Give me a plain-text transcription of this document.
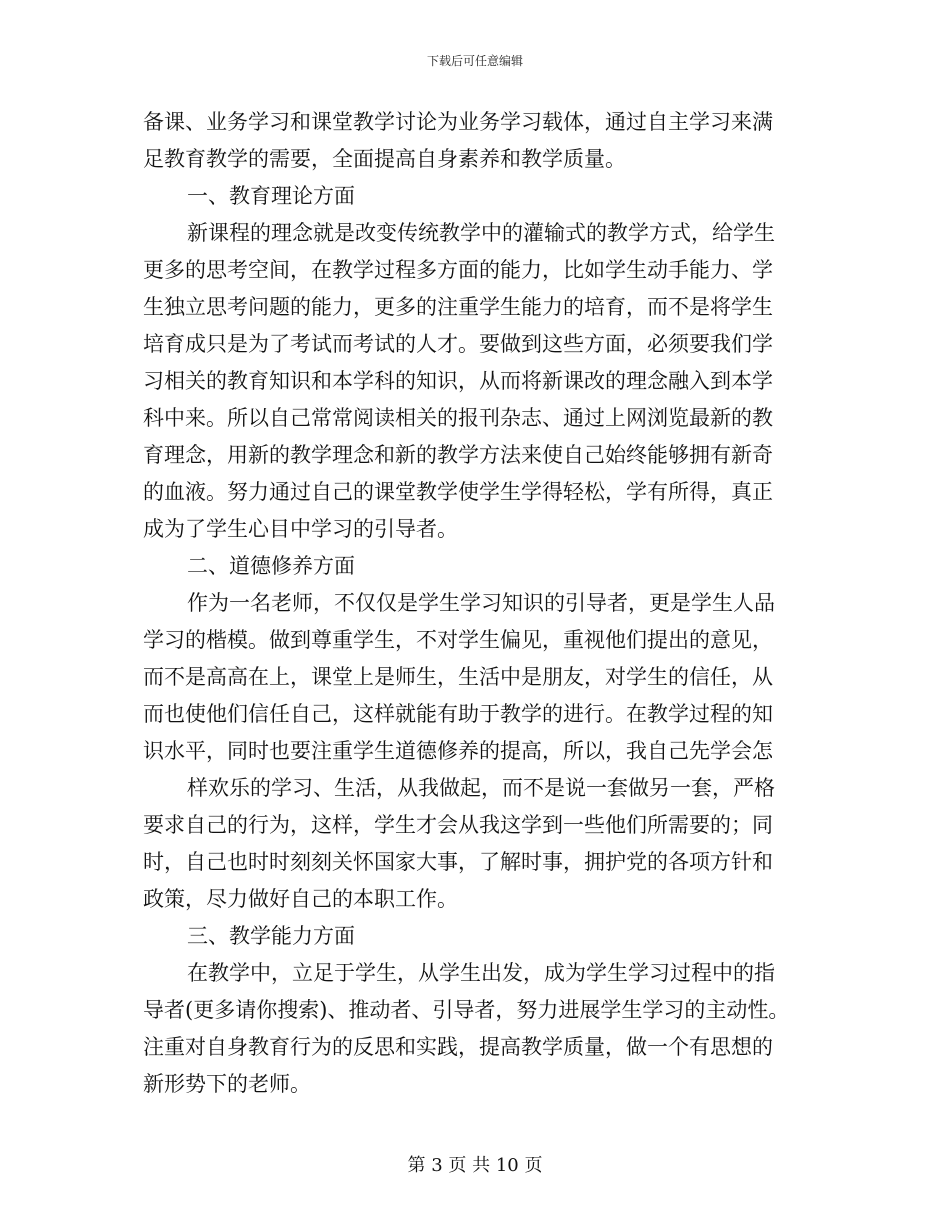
下载后可任意编辑
备课、业务学习和课堂教学讨论为业务学习载体，通过自主学习来满
足教育教学的需要，全面提高自身素养和教学质量。
一、教育理论方面
新课程的理念就是改变传统教学中的灌输式的教学方式，给学生
更多的思考空间，在教学过程多方面的能力，比如学生动手能力、学
生独立思考问题的能力，更多的注重学生能力的培育，而不是将学生
培育成只是为了考试而考试的人才。要做到这些方面，必须要我们学
习相关的教育知识和本学科的知识，从而将新课改的理念融入到本学
科中来。所以自己常常阅读相关的报刊杂志、通过上网浏览最新的教
育理念，用新的教学理念和新的教学方法来使自己始终能够拥有新奇
的血液。努力通过自己的课堂教学使学生学得轻松，学有所得，真正
成为了学生心目中学习的引导者。
二、道德修养方面
作为一名老师，不仅仅是学生学习知识的引导者，更是学生人品
学习的楷模。做到尊重学生，不对学生偏见，重视他们提出的意见，
而不是高高在上，课堂上是师生，生活中是朋友，对学生的信任，从
而也使他们信任自己，这样就能有助于教学的进行。在教学过程的知
识水平，同时也要注重学生道德修养的提高，所以，我自己先学会怎
样欢乐的学习、生活，从我做起，而不是说一套做另一套，严格
要求自己的行为，这样，学生才会从我这学到一些他们所需要的；同
时，自己也时时刻刻关怀国家大事，了解时事，拥护党的各项方针和
政策，尽力做好自己的本职工作。
三、教学能力方面
在教学中，立足于学生，从学生出发，成为学生学习过程中的指
导者(更多请你搜索)、推动者、引导者，努力进展学生学习的主动性。
注重对自身教育行为的反思和实践，提高教学质量，做一个有思想的
新形势下的老师。
第 3 页 共 10 页
